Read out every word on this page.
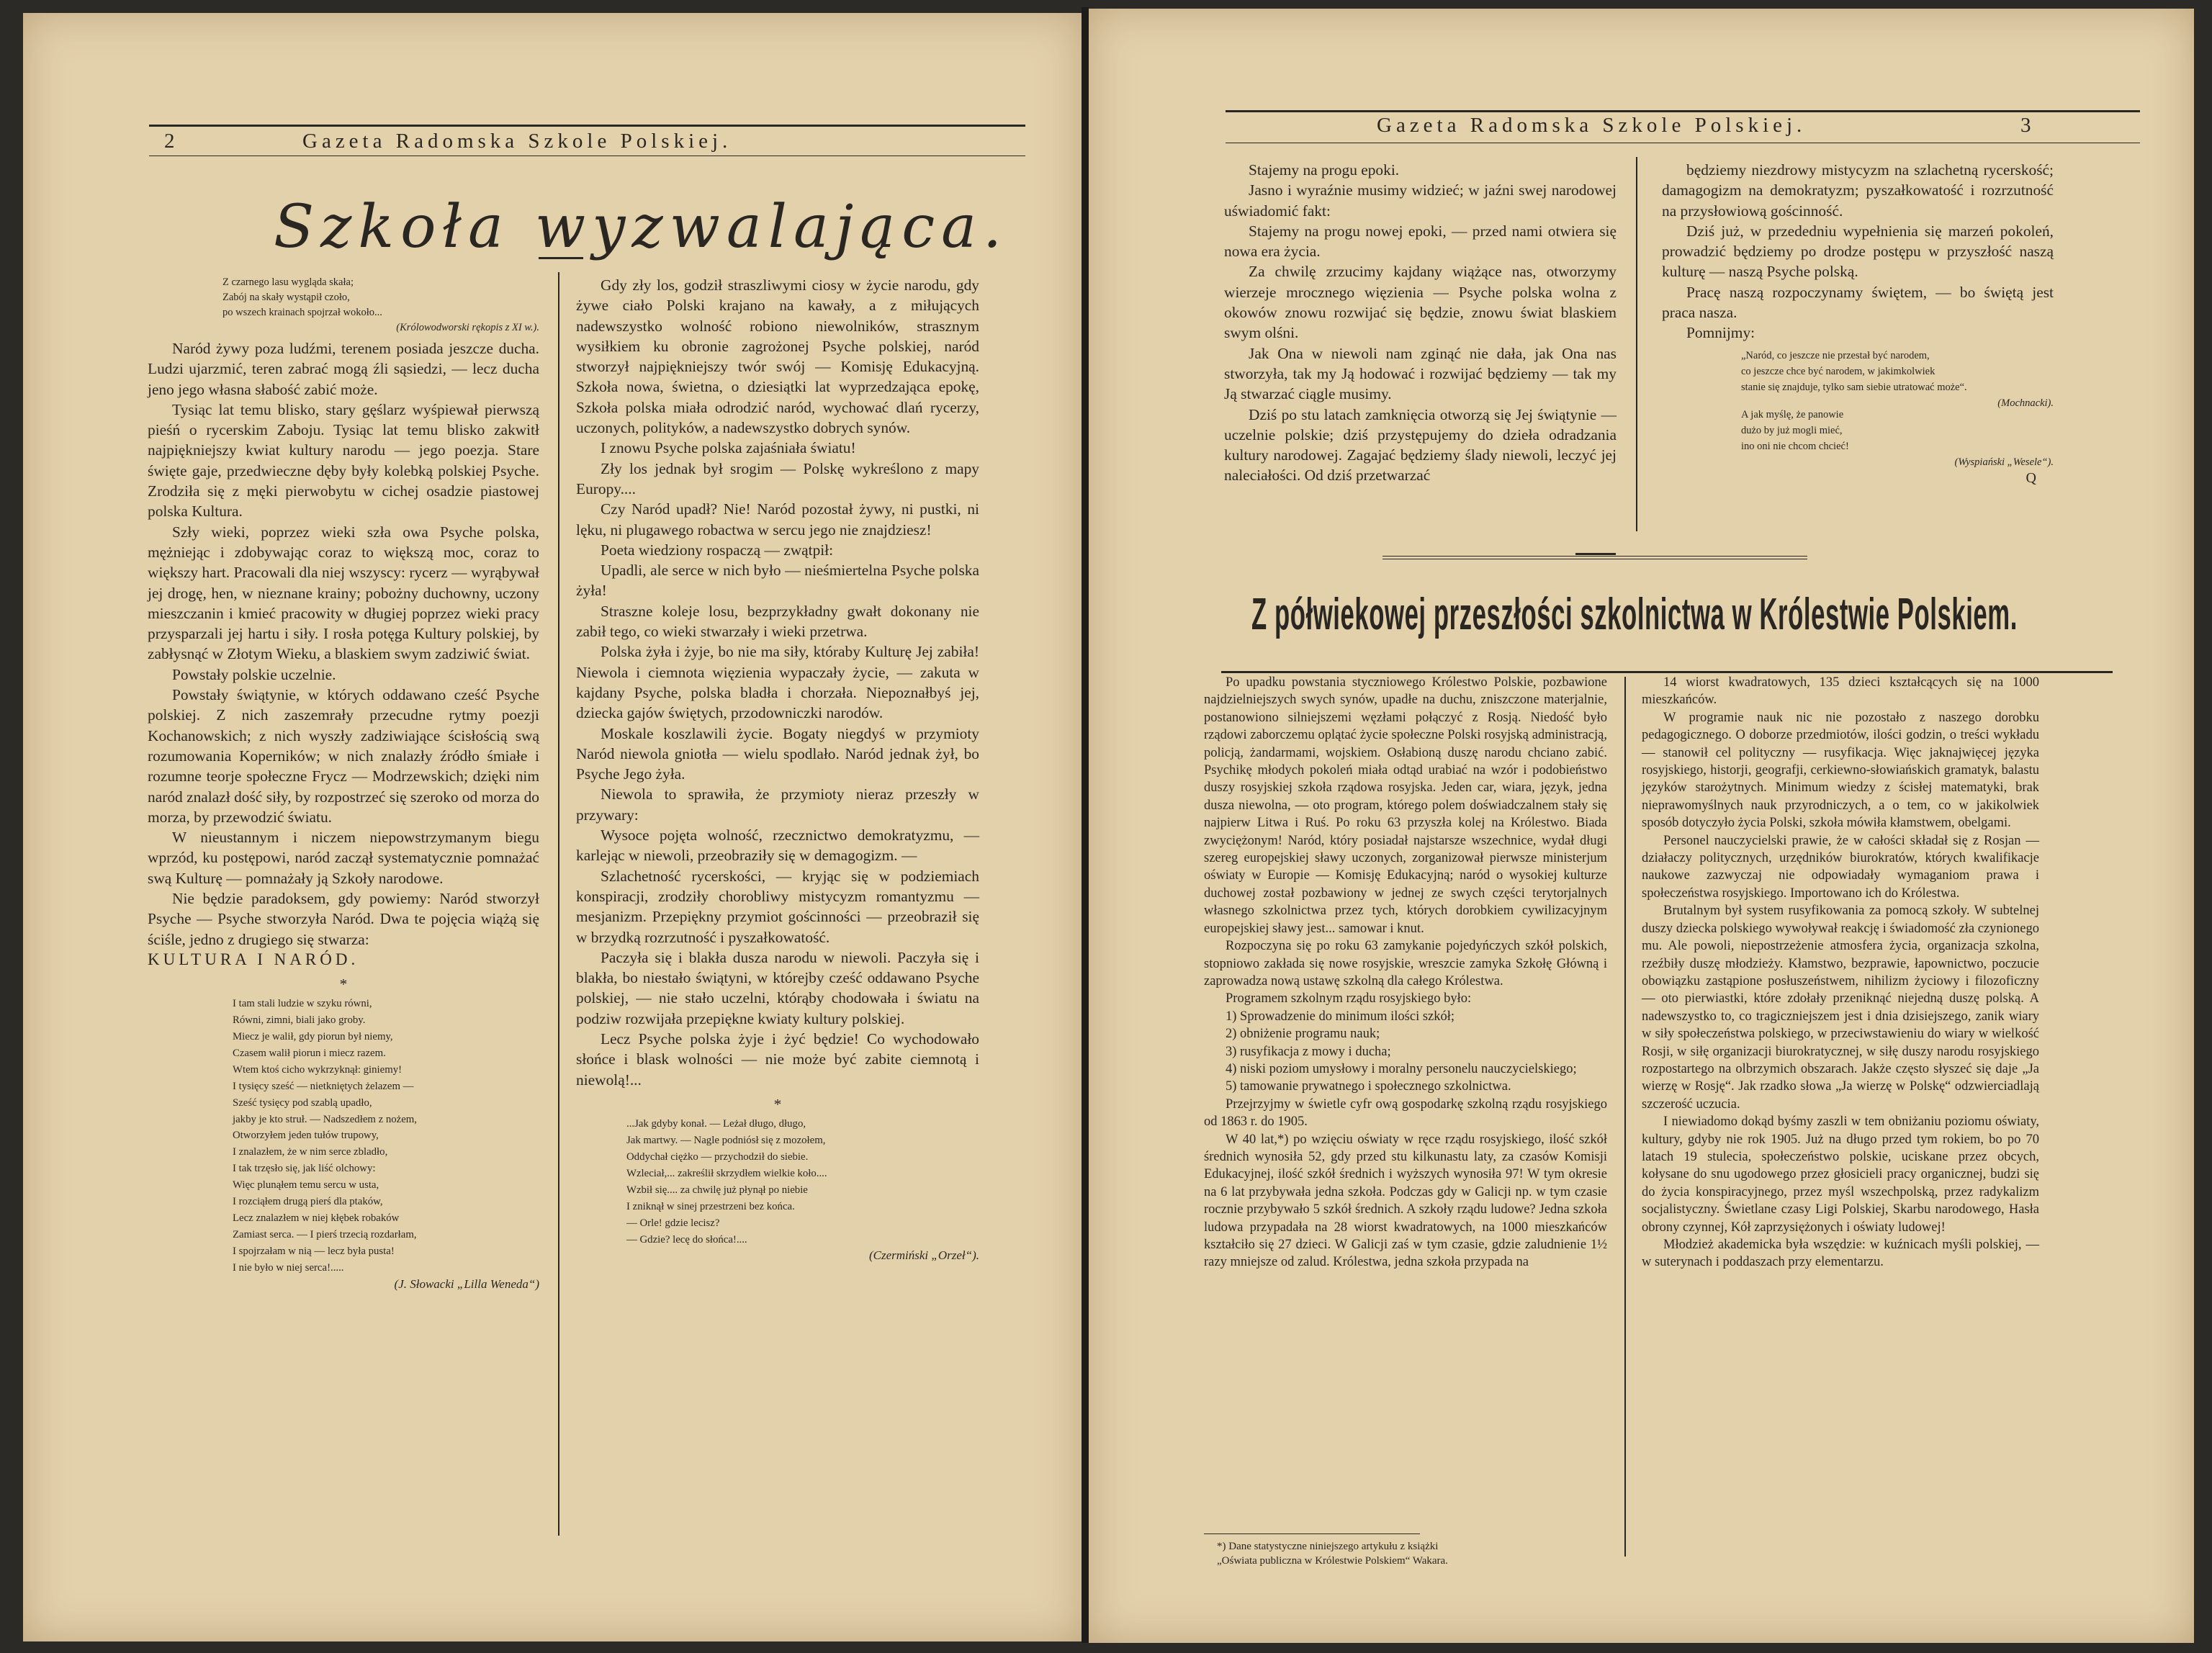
2	Gazeta Radomska Szkole Polskiej.
Szkoła wyzwalająca.
Z czarnego lasu wygląda skała;
Zabój na skały wystąpił czoło,
po wszech krainach spojrzał wokoło...
(Królowodworski rękopis z XI w.).

Naród żywy poza ludźmi, terenem posiada jeszcze ducha. Ludzi ujarzmić, teren zabrać mogą źli sąsiedzi, — lecz ducha jeno jego własna słabość zabić może.

Tysiąc lat temu blisko, stary gęślarz wyśpiewał pierwszą pieśń o rycerskim Zaboju. Tysiąc lat temu blisko zakwitł najpiękniejszy kwiat kultury narodu — jego poezja. Stare święte gaje, przedwieczne dęby były kolebką polskiej Psyche. Zrodziła się z męki pierwobytu w cichej osadzie piastowej polska Kultura.

Szły wieki, poprzez wieki szła owa Psyche polska, mężniejąc i zdobywając coraz to większą moc, coraz to większy hart. Pracowali dla niej wszyscy: rycerz — wyrąbywał jej drogę, hen, w nieznane krainy; pobożny duchowny, uczony mieszczanin i kmieć pracowity w długiej poprzez wieki pracy przysparzali jej hartu i siły. I rosła potęga Kultury polskiej, by zabłysnąć w Złotym Wieku, a blaskiem swym zadziwić świat.

Powstały polskie uczelnie.

Powstały świątynie, w których oddawano cześć Psyche polskiej. Z nich zaszemrały przecudne rytmy poezji Kochanowskich; z nich wyszły zadziwiające ścisłością swą rozumowania Koperników; w nich znalazły źródło śmiałe i rozumne teorje społeczne Frycz — Modrzewskich; dzięki nim naród znalazł dość siły, by rozpostrzeć się szeroko od morza do morza, by przewodzić światu.

W nieustannym i niczem niepowstrzymanym biegu wprzód, ku postępowi, naród zaczął systematycznie pomnażać swą Kulturę — pomnażały ją Szkoły narodowe.

Nie będzie paradoksem, gdy powiemy: Naród stworzył Psyche — Psyche stworzyła Naród. Dwa te pojęcia wiążą się ściśle, jedno z drugiego się stwarza:

KULTURA I NARÓD.
*
I tam stali ludzie w szyku równi,
Równi, zimni, biali jako groby.
Miecz je walił, gdy piorun był niemy,
Czasem walił piorun i miecz razem.
Wtem ktoś cicho wykrzyknął: giniemy!
I tysięcy sześć — nietkniętych żelazem —
Sześć tysięcy pod szablą upadło,
jakby je kto struł. — Nadszedłem z nożem,
Otworzyłem jeden tułów trupowy,
I znalazłem, że w nim serce zbladło,
I tak trzęsło się, jak liść olchowy:
Więc plunąłem temu sercu w usta,
I rozciąłem drugą pierś dla ptaków,
Lecz znalazłem w niej kłębek robaków
Zamiast serca. — I pierś trzecią rozdarłam,
I spojrzałam w nią — lecz była pusta!
I nie było w niej serca!.....
(J. Słowacki „Lilla Weneda“)

Gdy zły los, godził straszliwymi ciosy w życie narodu, gdy żywe ciało Polski krajano na kawały, a z miłujących nadewszystko wolność robiono niewolników, strasznym wysiłkiem ku obronie zagrożonej Psyche polskiej, naród stworzył najpiękniejszy twór swój — Komisję Edukacyjną. Szkoła nowa, świetna, o dziesiątki lat wyprzedzająca epokę, Szkoła polska miała odrodzić naród, wychować dlań rycerzy, uczonych, polityków, a nadewszystko dobrych synów.

I znowu Psyche polska zajaśniała światu!

Zły los jednak był srogim — Polskę wykreślono z mapy Europy....

Czy Naród upadł? Nie! Naród pozostał żywy, ni pustki, ni lęku, ni plugawego robactwa w sercu jego nie znajdziesz!

Poeta wiedziony rospaczą — zwątpił:

Upadli, ale serce w nich było — nieśmiertelna Psyche polska żyła!

Straszne koleje losu, bezprzykładny gwałt dokonany nie zabił tego, co wieki stwarzały i wieki przetrwa.

Polska żyła i żyje, bo nie ma siły, któraby Kulturę Jej zabiła! Niewola i ciemnota więzienia wypaczały życie, — zakuta w kajdany Psyche, polska bladła i chorzała. Niepoznałbyś jej, dziecka gajów świętych, przodowniczki narodów.

Moskale koszlawili życie. Bogaty niegdyś w przymioty Naród niewola gniotła — wielu spodlało. Naród jednak żył, bo Psyche Jego żyła.

Niewola to sprawiła, że przymioty nieraz przeszły w przywary:

Wysoce pojęta wolność, rzecznictwo demokratyzmu, — karlejąc w niewoli, przeobraziły się w demagogizm. —

Szlachetność rycerskości, — kryjąc się w podziemiach konspiracji, zrodziły chorobliwy mistycyzm romantyzmu — mesjanizm. Przepiękny przymiot gościnności — przeobraził się w brzydką rozrzutność i pyszałkowatość.

Paczyła się i blakła dusza narodu w niewoli. Paczyła się i blakła, bo niestało świątyni, w którejby cześć oddawano Psyche polskiej, — nie stało uczelni, którąby chodowała i światu na podziw rozwijała przepiękne kwiaty kultury polskiej.

Lecz Psyche polska żyje i żyć będzie! Co wychodowało słońce i blask wolności — nie może być zabite ciemnotą i niewolą!...

*
...Jak gdyby konał. — Leżał długo, długo,
Jak martwy. — Nagle podniósł się z mozołem,
Oddychał ciężko — przychodził do siebie.
Wzleciał,... zakreślił skrzydłem wielkie koło....
Wzbił się.... za chwilę już płynął po niebie
I zniknął w sinej przestrzeni bez końca.
— Orle! gdzie lecisz?
— Gdzie? lecę do słońca!....
(Czermiński „Orzeł“).
Gazeta Radomska Szkole Polskiej.	3

Stajemy na progu epoki.

Jasno i wyraźnie musimy widzieć; w jaźni swej narodowej uświadomić fakt:

Stajemy na progu nowej epoki, — przed nami otwiera się nowa era życia.

Za chwilę zrzucimy kajdany wiążące nas, otworzymy wierzeje mrocznego więzienia — Psyche polska wolna z okowów znowu rozwijać się będzie, znowu świat blaskiem swym olśni.

Jak Ona w niewoli nam zginąć nie dała, jak Ona nas stworzyła, tak my Ją hodować i rozwijać będziemy — tak my Ją stwarzać ciągle musimy.

Dziś po stu latach zamknięcia otworzą się Jej świątynie — uczelnie polskie; dziś przystępujemy do dzieła odradzania kultury narodowej. Zagajać będziemy ślady niewoli, leczyć jej naleciałości. Od dziś przetwarzać

będziemy niezdrowy mistycyzm na szlachetną rycerskość; damagogizm na demokratyzm; pyszałkowatość i rozrzutność na przysłowiową gościnność.

Dziś już, w przededniu wypełnienia się marzeń pokoleń, prowadzić będziemy po drodze postępu w przyszłość naszą kulturę — naszą Psyche polską.

Pracę naszą rozpoczynamy świętem, — bo świętą jest praca nasza.

Pomnijmy:

„Naród, co jeszcze nie przestał być narodem,
co jeszcze chce być narodem, w jakimkolwiek
stanie się znajduje, tylko sam siebie utratować może“.
(Mochnacki).
A jak myślę, że panowie
dużo by już mogli mieć,
ino oni nie chcom chcieć!
(Wyspiański „Wesele“).
Q
Z półwiekowej przeszłości szkolnictwa w Królestwie Polskiem.

Po upadku powstania styczniowego Królestwo Polskie, pozbawione najdzielniejszych swych synów, upadłe na duchu, zniszczone materjalnie, postanowiono silniejszemi węzłami połączyć z Rosją. Niedość było rządowi zaborczemu oplątać życie społeczne Polski rosyjską administracją, policją, żandarmami, wojskiem. Osłabioną duszę narodu chciano zabić. Psychikę młodych pokoleń miała odtąd urabiać na wzór i podobieństwo duszy rosyjskiej szkoła rządowa rosyjska. Jeden car, wiara, język, jedna dusza niewolna, — oto program, którego polem doświadczalnem stały się najpierw Litwa i Ruś. Po roku 63 przyszła kolej na Królestwo. Biada zwyciężonym! Naród, który posiadał najstarsze wszechnice, wydał długi szereg europejskiej sławy uczonych, zorganizował pierwsze ministerjum oświaty w Europie — Komisję Edukacyjną; naród o wysokiej kulturze duchowej został pozbawiony w jednej ze swych części terytorjalnych własnego szkolnictwa przez tych, których dorobkiem cywilizacyjnym europejskiej sławy jest... samowar i knut.

Rozpoczyna się po roku 63 zamykanie pojedyńczych szkół polskich, stopniowo zakłada się nowe rosyjskie, wreszcie zamyka Szkołę Główną i zaprowadza nową ustawę szkolną dla całego Królestwa.

Programem szkolnym rządu rosyjskiego było:

1) Sprowadzenie do minimum ilości szkół;

2) obniżenie programu nauk;

3) rusyfikacja z mowy i ducha;

4) niski poziom umysłowy i moralny personelu nauczycielskiego;

5) tamowanie prywatnego i społecznego szkolnictwa.

Przejrzyjmy w świetle cyfr ową gospodarkę szkolną rządu rosyjskiego od 1863 r. do 1905.

W 40 lat,*) po wzięciu oświaty w ręce rządu rosyjskiego, ilość szkół średnich wynosiła 52, gdy przed stu kilkunastu laty, za czasów Komisji Edukacyjnej, ilość szkół średnich i wyższych wynosiła 97! W tym okresie na 6 lat przybywała jedna szkoła. Podczas gdy w Galicji np. w tym czasie rocznie przybywało 5 szkół średnich. A szkoły rządu ludowe? Jedna szkoła ludowa przypadała na 28 wiorst kwadratowych, na 1000 mieszkańców kształciło się 27 dzieci. W Galicji zaś w tym czasie, gdzie zaludnienie 1½ razy mniejsze od zalud. Królestwa, jedna szkoła przypada na

*) Dane statystyczne niniejszego artykułu z książki
„Oświata publiczna w Królestwie Polskiem“ Wakara.

14 wiorst kwadratowych, 135 dzieci kształcących się na 1000 mieszkańców.

W programie nauk nic nie pozostało z naszego dorobku pedagogicznego. O doborze przedmiotów, ilości godzin, o treści wykładu — stanowił cel polityczny — rusyfikacja. Więc jaknajwięcej języka rosyjskiego, historji, geografji, cerkiewno-słowiańskich gramatyk, balastu języków starożytnych. Minimum wiedzy z ścisłej matematyki, brak nieprawomyślnych nauk przyrodniczych, a o tem, co w jakikolwiek sposób dotyczyło życia Polski, szkoła mówiła kłamstwem, obelgami.

Personel nauczycielski prawie, że w całości składał się z Rosjan — działaczy politycznych, urzędników biurokratów, których kwalifikacje naukowe zazwyczaj nie odpowiadały wymaganiom prawa i społeczeństwa rosyjskiego. Importowano ich do Królestwa.

Brutalnym był system rusyfikowania za pomocą szkoły. W subtelnej duszy dziecka polskiego wywoływał reakcję i świadomość zła czynionego mu. Ale powoli, niepostrzeżenie atmosfera życia, organizacja szkolna, rzeźbiły duszę młodzieży. Kłamstwo, bezprawie, łapownictwo, poczucie obowiązku zastąpione posłuszeństwem, nihilizm życiowy i filozoficzny — oto pierwiastki, które zdołały przeniknąć niejedną duszę polską. A nadewszystko to, co tragiczniejszem jest i dnia dzisiejszego, zanik wiary w siły społeczeństwa polskiego, w przeciwstawieniu do wiary w wielkość Rosji, w siłę organizacji biurokratycznej, w siłę duszy narodu rosyjskiego rozpostartego na olbrzymich obszarach. Jakże często słyszeć się daje „Ja wierzę w Rosję“. Jak rzadko słowa „Ja wierzę w Polskę“ odzwierciadlają szczerość uczucia.

I niewiadomo dokąd byśmy zaszli w tem obniżaniu poziomu oświaty, kultury, gdyby nie rok 1905. Już na długo przed tym rokiem, bo po 70 latach 19 stulecia, społeczeństwo polskie, uciskane przez obcych, kołysane do snu ugodowego przez głosicieli pracy organicznej, budzi się do życia konspiracyjnego, przez myśl wszechpolską, przez radykalizm socjalistyczny. Świetlane czasy Ligi Polskiej, Skarbu narodowego, Hasła obrony czynnej, Kół zaprzysiężonych i oświaty ludowej!

Młodzież akademicka była wszędzie: w kuźnicach myśli polskiej, — w suterynach i poddaszach przy elementarzu.
